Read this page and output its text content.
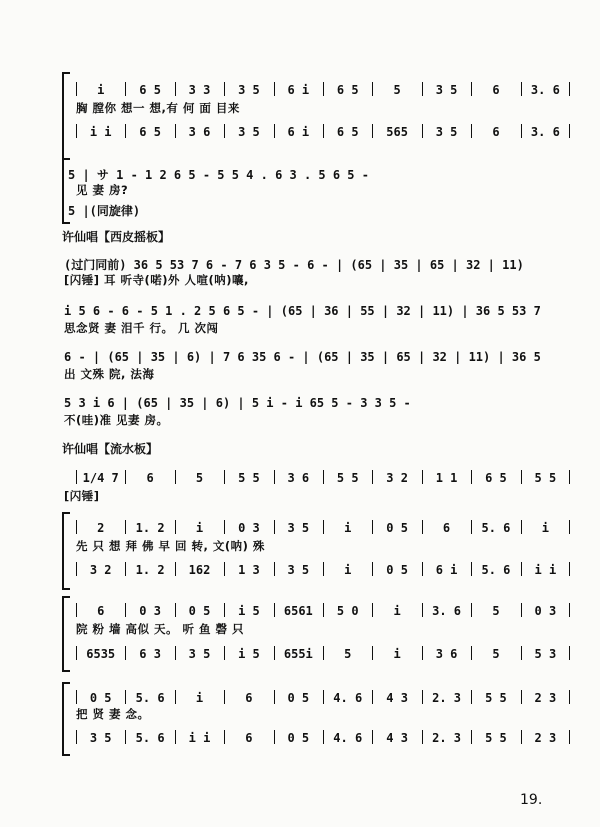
i	6 5	3 3	3 5	6 i	6 5	5	3 5	6	3. 6
胸 膛你 想一 想,有 何 面 目来
i i	6 5	3 6	3 5	6 i	6 5	565	3 5	6	3. 6
5 | サ 1 - 1 2 6 5 - 5 5 4 . 6 3 . 5 6 5 -
见 妻 房?
5 |(同旋律)
许仙唱【西皮摇板】
(过门同前) 36 5 53 7 6 - 7 6 3 5 - 6 - | (65 | 35 | 65 | 32 | 11)
[闪锤] 耳 听寺(喏)外 人喧(呐)嚷,
i 5 6 - 6 - 5 1 . 2 5 6 5 - | (65 | 36 | 55 | 32 | 11) | 36 5 53 7
思念贤 妻 泪千 行。 几 次闯
6 - | (65 | 35 | 6) | 7 6 35 6 - | (65 | 35 | 65 | 32 | 11) | 36 5
出 文殊 院, 法海
5 3 i 6 | (65 | 35 | 6) | 5 i - i 65 5 - 3 3 5 -
不(哇)准 见妻 房。
许仙唱【流水板】
1/4 7	6	5	5 5	3 6	5 5	3 2	1 1	6 5	5 5
[闪锤]
2	1. 2	i	0 3	3 5	i	0 5	6	5. 6	i
先 只 想 拜 佛 早 回 转, 文(呐) 殊
3 2	1. 2	162	1 3	3 5	i	0 5	6 i	5. 6	i i
6	0 3	0 5	i 5	6561	5 0	i	3. 6	5	0 3
院 粉 墙 高似 天。 听 鱼 磬 只
6535	6 3	3 5	i 5	655i	5	i	3 6	5	5 3
0 5	5. 6	i	6	0 5	4. 6	4 3	2. 3	5 5	2 3
把 贤 妻 念。
3 5	5. 6	i i	6	0 5	4. 6	4 3	2. 3	5 5	2 3
19.
